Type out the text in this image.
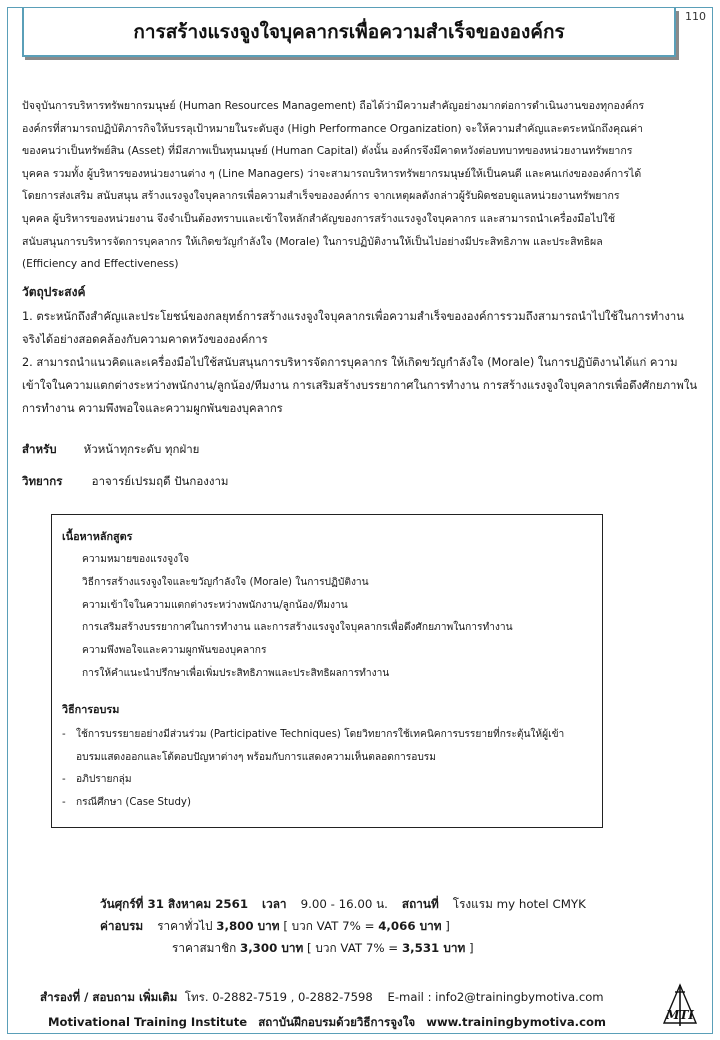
110
การสร้างแรงจูงใจบุคลากรเพื่อความสำเร็จขององค์กร
ปัจจุบันการบริหารทรัพยากรมนุษย์ (Human Resources Management) ถือได้ว่ามีความสำคัญอย่างมากต่อการดำเนินงานของทุกองค์กร
องค์กรที่สามารถปฏิบัติภารกิจให้บรรลุเป้าหมายในระดับสูง (High Performance Organization) จะให้ความสำคัญและตระหนักถึงคุณค่า
ของคนว่าเป็นทรัพย์สิน (Asset) ที่มีสภาพเป็นทุนมนุษย์ (Human Capital) ดังนั้น องค์กรจึงมีคาดหวังต่อบทบาทของหน่วยงานทรัพยากร
บุคคล รวมทั้ง ผู้บริหารของหน่วยงานต่าง ๆ (Line Managers) ว่าจะสามารถบริหารทรัพยากรมนุษย์ให้เป็นคนดี และคนเก่งขององค์การได้
โดยการส่งเสริม สนับสนุน สร้างแรงจูงใจบุคลากรเพื่อความสำเร็จขององค์การ จากเหตุผลดังกล่าวผู้รับผิดชอบดูแลหน่วยงานทรัพยากร
บุคคล ผู้บริหารของหน่วยงาน จึงจำเป็นต้องทราบและเข้าใจหลักสำคัญของการสร้างแรงจูงใจบุคลากร และสามารถนำเครื่องมือไปใช้
สนับสนุนการบริหารจัดการบุคลากร ให้เกิดขวัญกำลังใจ (Morale) ในการปฏิบัติงานให้เป็นไปอย่างมีประสิทธิภาพ และประสิทธิผล
(Efficiency and Effectiveness)
วัตถุประสงค์
1. ตระหนักถึงสำคัญและประโยชน์ของกลยุทธ์การสร้างแรงจูงใจบุคลากรเพื่อความสำเร็จขององค์การรวมถึงสามารถนำไปใช้ในการทำงานจริงได้อย่างสอดคล้องกับความคาดหวังขององค์การ
2. สามารถนำแนวคิดและเครื่องมือไปใช้สนับสนุนการบริหารจัดการบุคลากร ให้เกิดขวัญกำลังใจ (Morale) ในการปฏิบัติงานได้แก่ ความเข้าใจในความแตกต่างระหว่างพนักงาน/ลูกน้อง/ทีมงาน การเสริมสร้างบรรยากาศในการทำงาน การสร้างแรงจูงใจบุคลากรเพื่อดึงศักยภาพในการทำงาน ความพึงพอใจและความผูกพันของบุคลากร
สำหรับ หัวหน้าทุกระดับ ทุกฝ่าย
วิทยากร	อาจารย์เปรมฤดี ปันกองงาม
เนื้อหาหลักสูตร
ความหมายของแรงจูงใจ
วิธีการสร้างแรงจูงใจและขวัญกำลังใจ (Morale) ในการปฏิบัติงาน
ความเข้าใจในความแตกต่างระหว่างพนักงาน/ลูกน้อง/ทีมงาน
การเสริมสร้างบรรยากาศในการทำงาน และการสร้างแรงจูงใจบุคลากรเพื่อดึงศักยภาพในการทำงาน
ความพึงพอใจและความผูกพันของบุคลากร
การให้คำแนะนำปรึกษาเพื่อเพิ่มประสิทธิภาพและประสิทธิผลการทำงาน
วิธีการอบรม
- ใช้การบรรยายอย่างมีส่วนร่วม (Participative Techniques) โดยวิทยากรใช้เทคนิคการบรรยายที่กระตุ้นให้ผู้เข้าอบรมแสดงออกและโต้ตอบปัญหาต่างๆ พร้อมกับการแสดงความเห็นตลอดการอบรม
- อภิปรายกลุ่ม
- กรณีศึกษา (Case Study)
วันศุกร์ที่ 31 สิงหาคม 2561 เวลา 9.00 - 16.00 น. สถานที่ โรงแรม my hotel CMYK
ค่าอบรม ราคาทั่วไป 3,800 บาท [ บวก VAT 7% = 4,066 บาท ]
ราคาสมาชิก 3,300 บาท [ บวก VAT 7% = 3,531 บาท ]
สำรองที่ / สอบถาม เพิ่มเติม โทร. 0-2882-7519 , 0-2882-7598 E-mail : info2@trainingbymotiva.com
Motivational Training Institute สถาบันฝึกอบรมด้วยวิธีการจูงใจ www.trainingbymotiva.com	MTI
